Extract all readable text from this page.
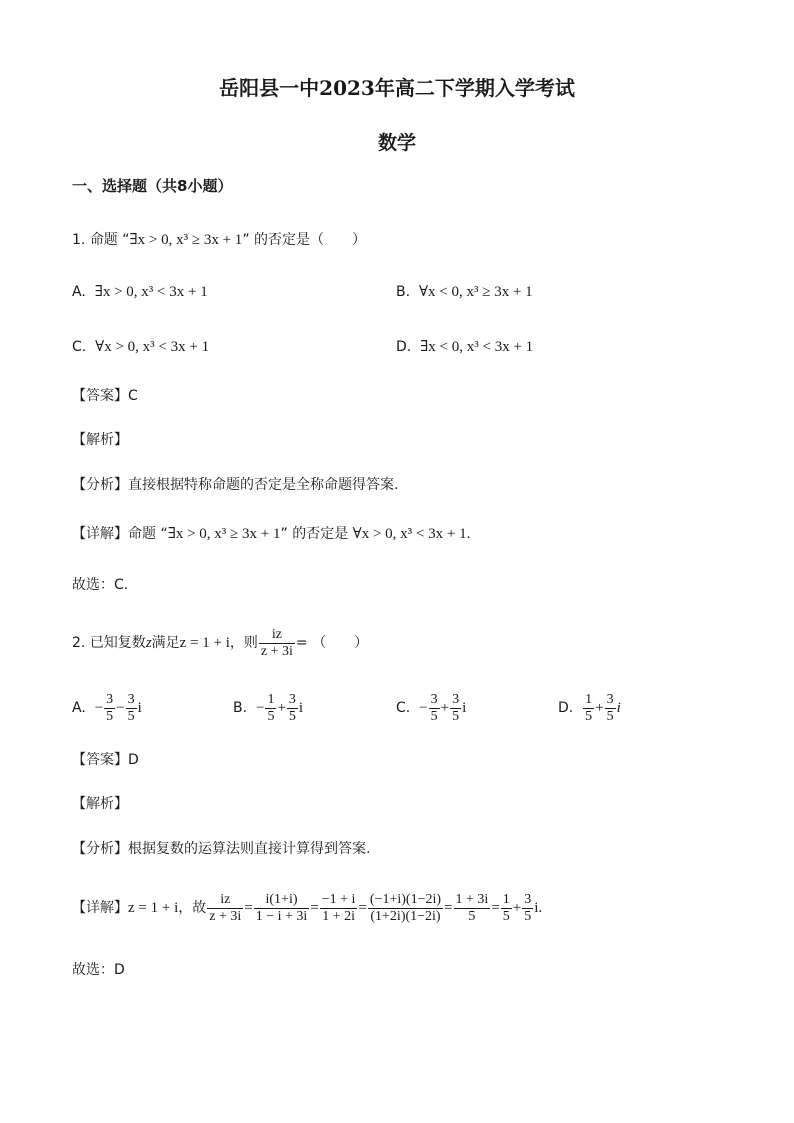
岳阳县一中2023年高二下学期入学考试
数学
一、选择题（共8小题）
1. 命题 “∃x > 0, x³ ≥ 3x + 1” 的否定是（　　）
A. ∃x > 0, x³ < 3x + 1	B. ∀x < 0, x³ ≥ 3x + 1
C. ∀x > 0, x³ < 3x + 1	D. ∃x < 0, x³ < 3x + 1
【答案】C
【解析】
【分析】直接根据特称命题的否定是全称命题得答案.
【详解】命题 “∃x > 0, x³ ≥ 3x + 1” 的否定是 ∀x > 0, x³ < 3x + 1.
故选：C.
2. 已知复数z满足z = 1 + i，则 $\frac{iz}{z + 3i}$ = （　　）
A. − $\frac{3}{5} - \frac{3}{5}$ i	B. − $\frac{1}{5} + \frac{3}{5}$ i	C. − $\frac{3}{5} + \frac{3}{5}$ i	D. $\frac{1}{5} + \frac{3}{5}$ i
【答案】D
【解析】
【分析】根据复数的运算法则直接计算得到答案.
【详解】z = 1 + i，故 $\frac{iz}{z + 3i} = \frac{i(1+i)}{1 - i + 3i} = \frac{-1 + i}{1 + 2i} = \frac{(-1+i)(1-2i)}{(1+2i)(1-2i)} = \frac{1 + 3i}{5} = \frac{1}{5} + \frac{3}{5} i$.
故选：D
